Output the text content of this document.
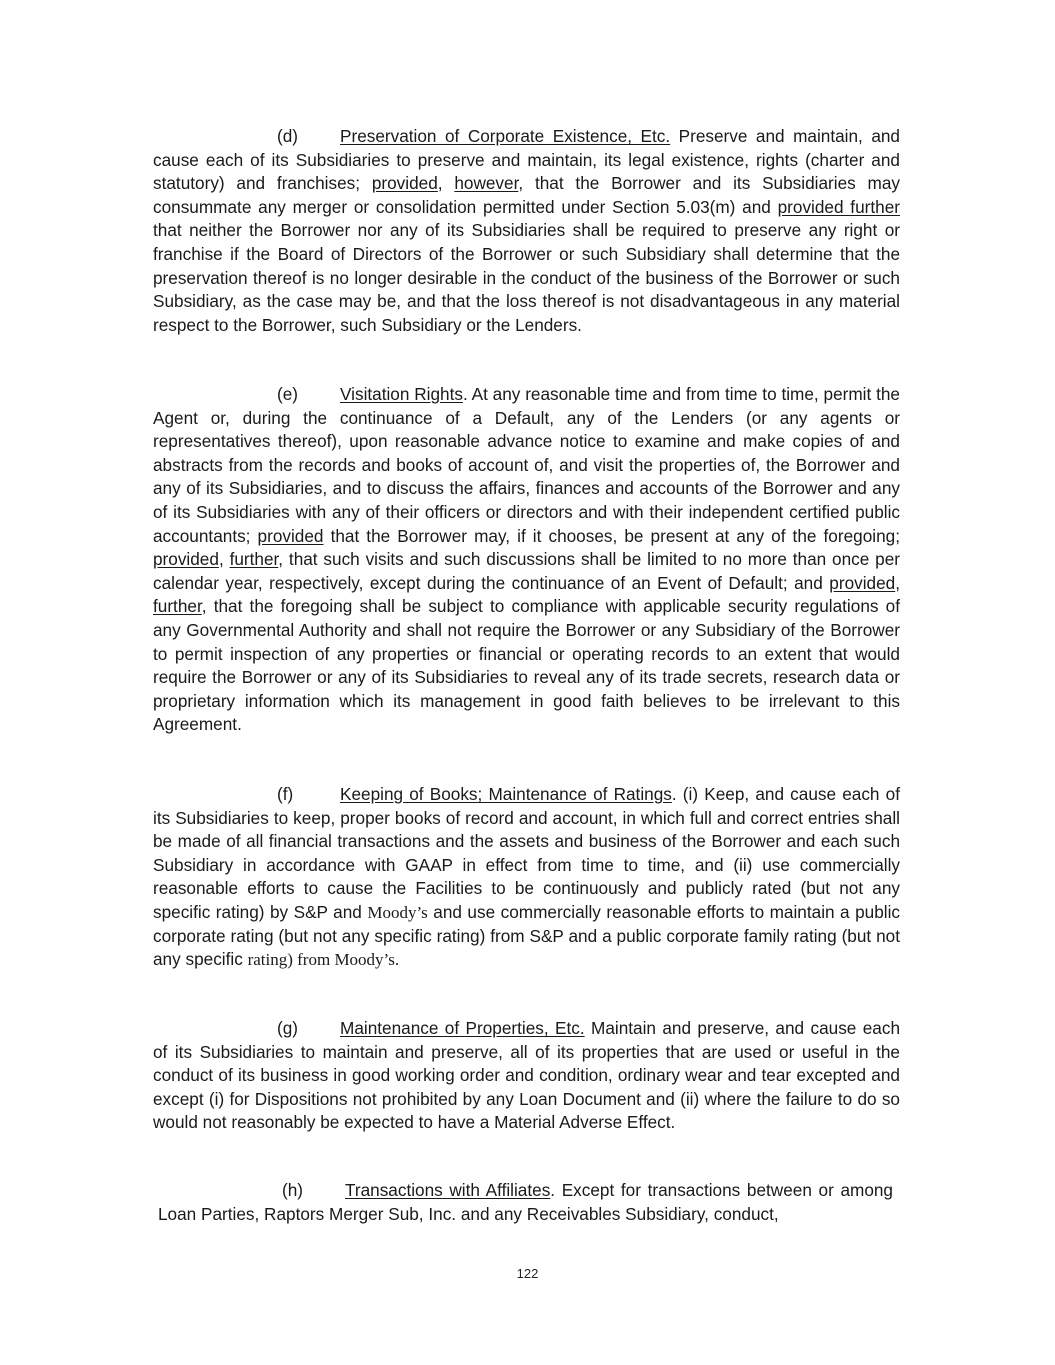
(d) Preservation of Corporate Existence, Etc. Preserve and maintain, and cause each of its Subsidiaries to preserve and maintain, its legal existence, rights (charter and statutory) and franchises; provided, however, that the Borrower and its Subsidiaries may consummate any merger or consolidation permitted under Section 5.03(m) and provided further that neither the Borrower nor any of its Subsidiaries shall be required to preserve any right or franchise if the Board of Directors of the Borrower or such Subsidiary shall determine that the preservation thereof is no longer desirable in the conduct of the business of the Borrower or such Subsidiary, as the case may be, and that the loss thereof is not disadvantageous in any material respect to the Borrower, such Subsidiary or the Lenders.

(e) Visitation Rights. At any reasonable time and from time to time, permit the Agent or, during the continuance of a Default, any of the Lenders (or any agents or representatives thereof), upon reasonable advance notice to examine and make copies of and abstracts from the records and books of account of, and visit the properties of, the Borrower and any of its Subsidiaries, and to discuss the affairs, finances and accounts of the Borrower and any of its Subsidiaries with any of their officers or directors and with their independent certified public accountants; provided that the Borrower may, if it chooses, be present at any of the foregoing; provided, further, that such visits and such discussions shall be limited to no more than once per calendar year, respectively, except during the continuance of an Event of Default; and provided, further, that the foregoing shall be subject to compliance with applicable security regulations of any Governmental Authority and shall not require the Borrower or any Subsidiary of the Borrower to permit inspection of any properties or financial or operating records to an extent that would require the Borrower or any of its Subsidiaries to reveal any of its trade secrets, research data or proprietary information which its management in good faith believes to be irrelevant to this Agreement.

(f)	Keeping of Books; Maintenance of Ratings. (i) Keep, and cause each of its Subsidiaries to keep, proper books of record and account, in which full and correct entries shall be made of all financial transactions and the assets and business of the Borrower and each such Subsidiary in accordance with GAAP in effect from time to time, and (ii) use commercially reasonable efforts to cause the Facilities to be continuously and publicly rated (but not any specific rating) by S&P and Moody’s and use commercially reasonable efforts to maintain a public corporate rating (but not any specific rating) from S&P and a public corporate family rating (but not any specific rating) from Moody’s.

(g) Maintenance of Properties, Etc. Maintain and preserve, and cause each of its Subsidiaries to maintain and preserve, all of its properties that are used or useful in the conduct of its business in good working order and condition, ordinary wear and tear excepted and except (i) for Dispositions not prohibited by any Loan Document and (ii) where the failure to do so would not reasonably be expected to have a Material Adverse Effect.

(h) Transactions with Affiliates. Except for transactions between or among Loan Parties, Raptors Merger Sub, Inc. and any Receivables Subsidiary, conduct,

122
